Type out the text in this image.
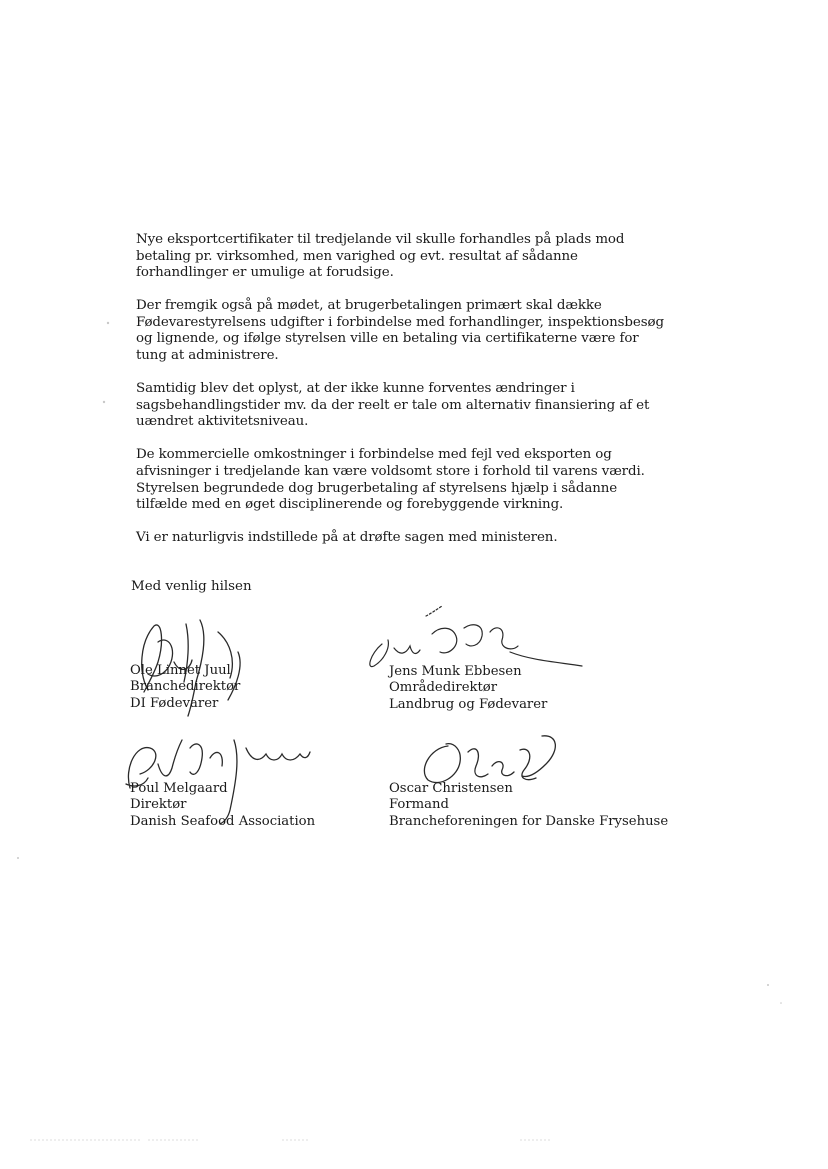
Nye eksportcertifikater til tredjelande vil skulle forhandles på plads mod betaling pr. virksomhed, men varighed og evt. resultat af sådanne forhandlinger er umulige at forudsige.

Der fremgik også på mødet, at brugerbetalingen primært skal dække Fødevarestyrelsens udgifter i forbindelse med forhandlinger, inspektionsbesøg og lignende, og ifølge styrelsen ville en betaling via certifikaterne være for tung at administrere.

Samtidig blev det oplyst, at der ikke kunne forventes ændringer i sagsbehandlingstider mv. da der reelt er tale om alternativ finansiering af et uændret aktivitetsniveau.

De kommercielle omkostninger i forbindelse med fejl ved eksporten og afvisninger i tredjelande kan være voldsomt store i forhold til varens værdi. Styrelsen begrundede dog brugerbetaling af styrelsens hjælp i sådanne tilfælde med en øget disciplinerende og forebyggende virkning.

Vi er naturligvis indstillede på at drøfte sagen med ministeren.

Med venlig hilsen
Ole Linnet Juul
Branchedirektør
DI Fødevarer
Jens Munk Ebbesen
Områdedirektør
Landbrug og Fødevarer
Poul Melgaard
Direktør
Danish Seafood Association
Oscar Christensen
Formand
Brancheforeningen for Danske Frysehuse
